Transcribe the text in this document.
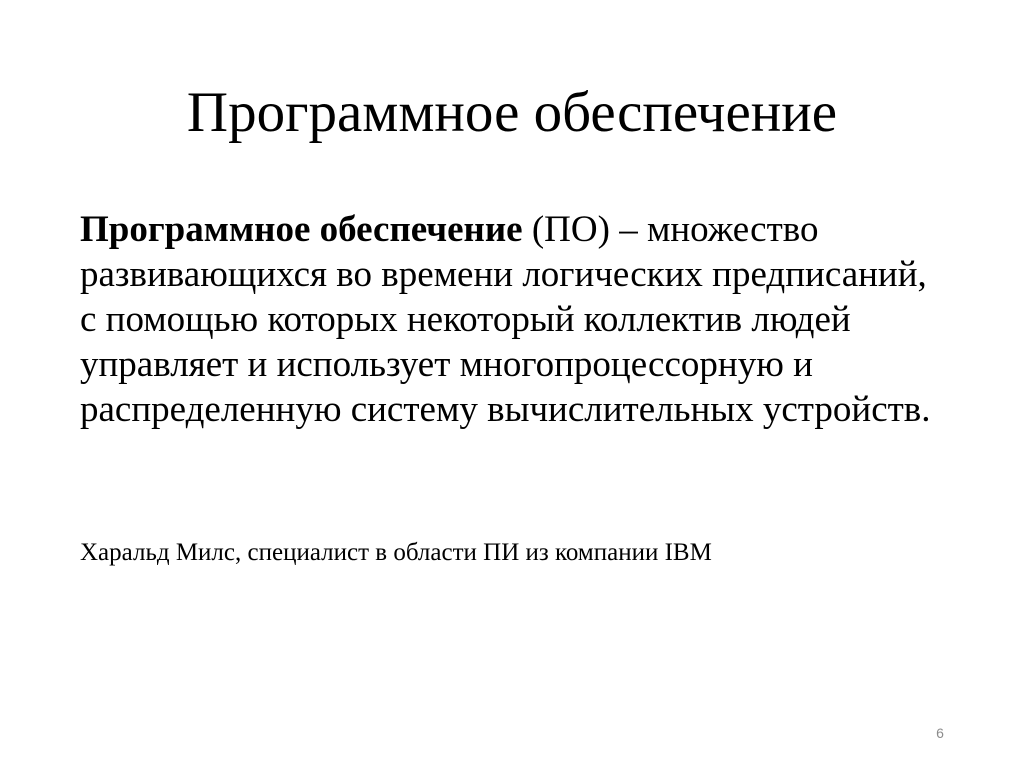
Программное обеспечение

Программное обеспечение (ПО) – множество развивающихся во времени логических предписаний, с помощью которых некоторый коллектив людей управляет и использует многопроцессорную и распределенную систему вычислительных устройств.

Харальд Милс, специалист в области ПИ из компании IBM

6
